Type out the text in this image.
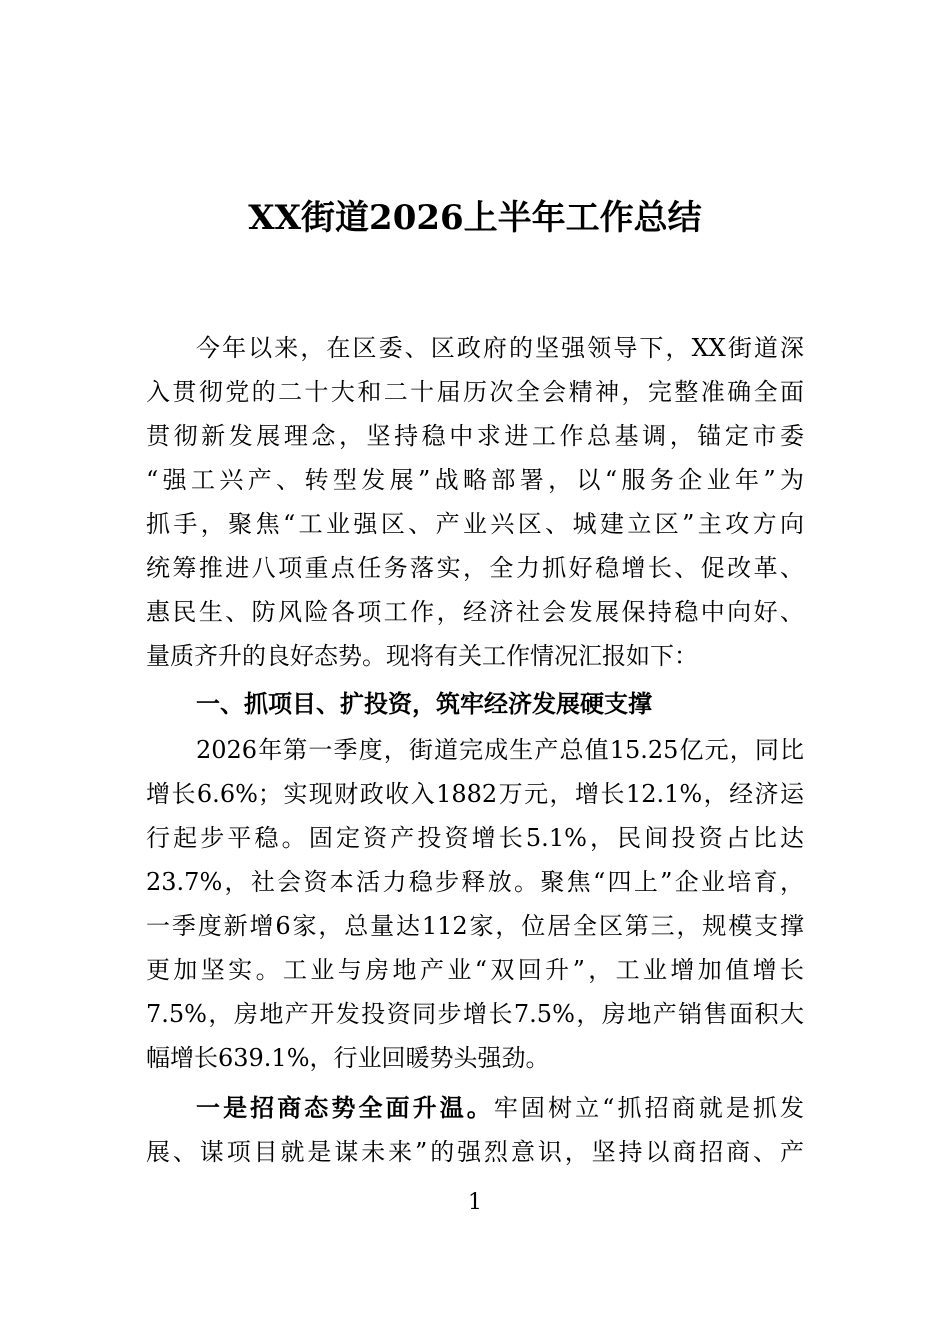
XX街道2026上半年工作总结
今年以来，在区委、区政府的坚强领导下，XX街道深
入贯彻党的二十大和二十届历次全会精神，完整准确全面
贯彻新发展理念，坚持稳中求进工作总基调，锚定市委
“强工兴产、转型发展”战略部署，以“服务企业年”为
抓手，聚焦“工业强区、产业兴区、城建立区”主攻方向
统筹推进八项重点任务落实，全力抓好稳增长、促改革、
惠民生、防风险各项工作，经济社会发展保持稳中向好、
量质齐升的良好态势。现将有关工作情况汇报如下：
一、抓项目、扩投资，筑牢经济发展硬支撑
2026年第一季度，街道完成生产总值15.25亿元，同比
增长6.6%；实现财政收入1882万元，增长12.1%，经济运
行起步平稳。固定资产投资增长5.1%，民间投资占比达
23.7%，社会资本活力稳步释放。聚焦“四上”企业培育，
一季度新增6家，总量达112家，位居全区第三，规模支撑
更加坚实。工业与房地产业“双回升”，工业增加值增长
7.5%，房地产开发投资同步增长7.5%，房地产销售面积大
幅增长639.1%，行业回暖势头强劲。
一是招商态势全面升温。牢固树立“抓招商就是抓发
展、谋项目就是谋未来”的强烈意识，坚持以商招商、产
1
